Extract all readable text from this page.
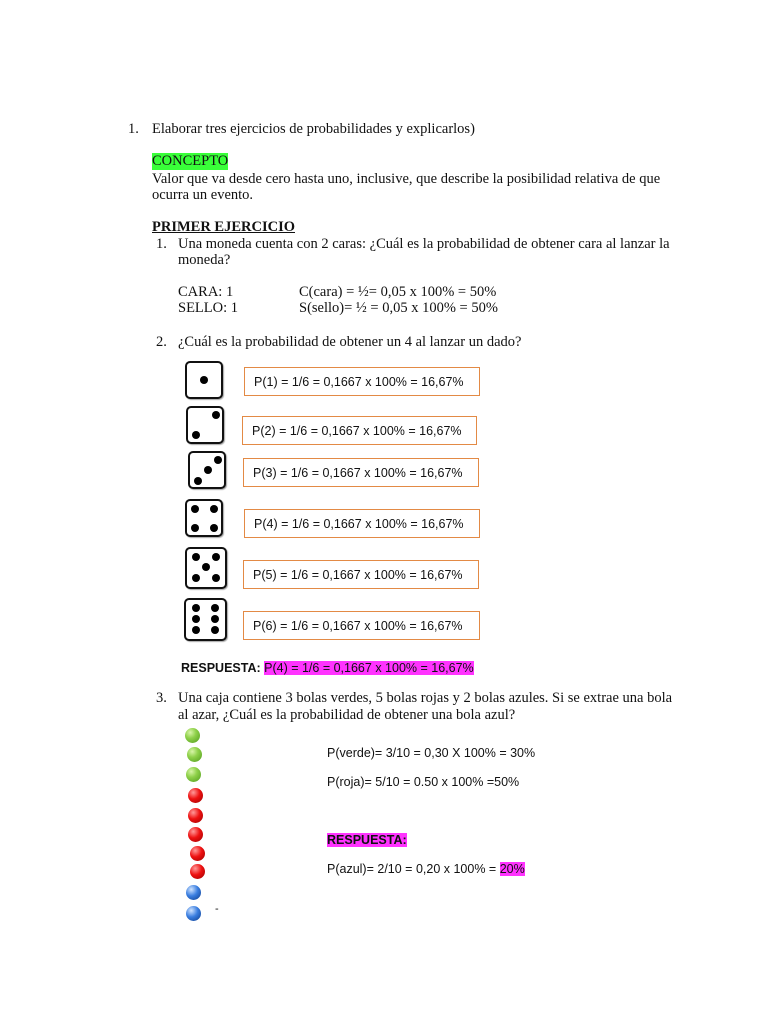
1. Elaborar tres ejercicios de probabilidades y explicarlos)
CONCEPTO
Valor que va desde cero hasta uno, inclusive, que describe la posibilidad relativa de que
ocurra un evento.
PRIMER EJERCICIO
1. Una moneda cuenta con 2 caras: ¿Cuál es la probabilidad de obtener cara al lanzar la
moneda?
CARA: 1	C(cara) = ½= 0,05 x 100% = 50%
SELLO: 1	S(sello)= ½ = 0,05 x 100% = 50%
2. ¿Cuál es la probabilidad de obtener un 4 al lanzar un dado?
P(1) = 1/6 = 0,1667 x 100% = 16,67%
P(2) = 1/6 = 0,1667 x 100% = 16,67%
P(3) = 1/6 = 0,1667 x 100% = 16,67%
P(4) = 1/6 = 0,1667 x 100% = 16,67%
P(5) = 1/6 = 0,1667 x 100% = 16,67%
P(6) = 1/6 = 0,1667 x 100% = 16,67%
RESPUESTA: P(4) = 1/6 = 0,1667 x 100% = 16,67%
3. Una caja contiene 3 bolas verdes, 5 bolas rojas y 2 bolas azules. Si se extrae una bola
al azar, ¿Cuál es la probabilidad de obtener una bola azul?
P(verde)= 3/10 = 0,30 X 100% = 30%
P(roja)= 5/10 = 0.50 x 100% =50%
RESPUESTA:
P(azul)= 2/10 = 0,20 x 100% = 20%
-
